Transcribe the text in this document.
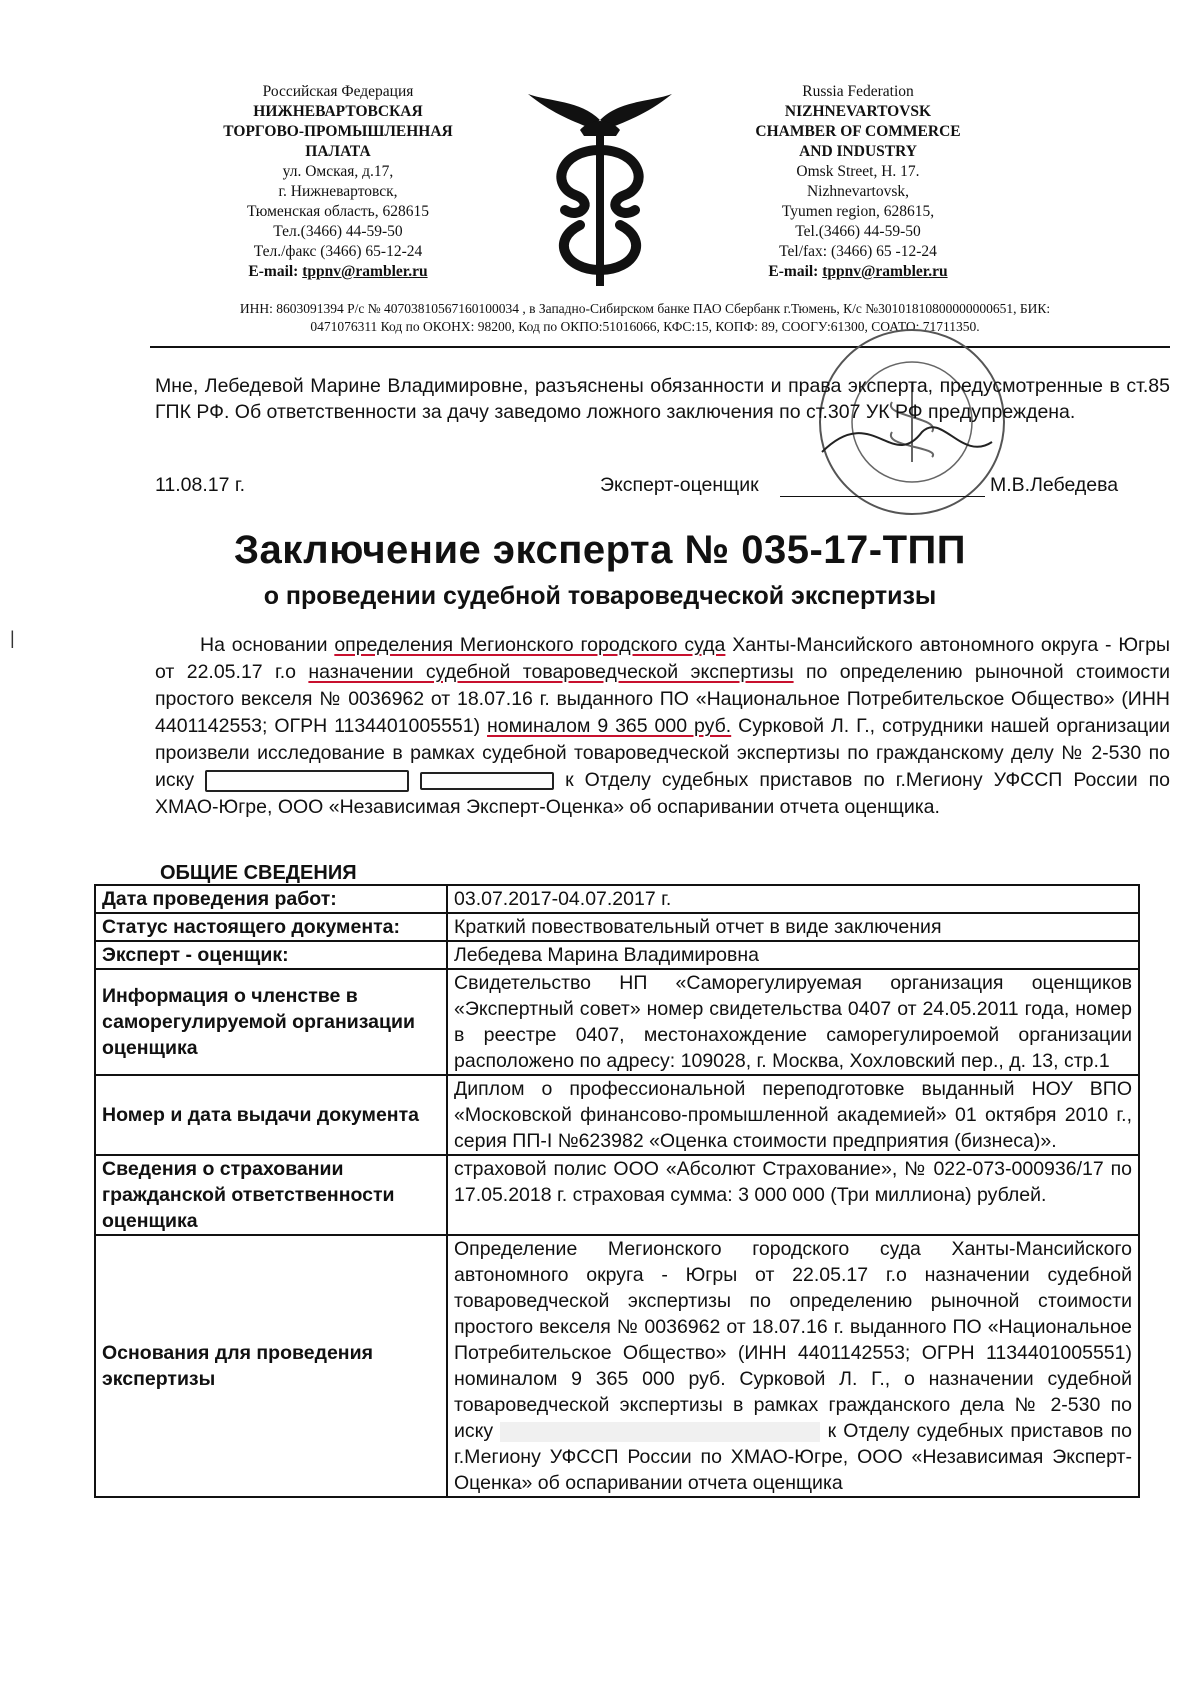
Российская Федерация
НИЖНЕВАРТОВСКАЯ
ТОРГОВО-ПРОМЫШЛЕННАЯ
ПАЛАТА
ул. Омская, д.17,
г. Нижневартовск,
Тюменская область, 628615
Тел.(3466) 44-59-50
Тел./факс (3466) 65-12-24
E-mail: tppnv@rambler.ru
Russia Federation
NIZHNEVARTOVSK
CHAMBER OF COMMERCE
AND INDUSTRY
Omsk Street, H. 17.
Nizhnevartovsk,
Tyumen region, 628615,
Tel.(3466) 44-59-50
Tel/fax: (3466) 65 -12-24
E-mail: tppnv@rambler.ru
ИНН: 8603091394 Р/с № 40703810567160100034 , в Западно-Сибирском банке ПАО Сбербанк г.Тюмень, К/с №30101810800000000651, БИК:
0471076311 Код по ОКОНХ: 98200, Код по ОКПО:51016066, КФС:15, КОПФ: 89, СООГУ:61300, СОАТО: 71711350.
Мне, Лебедевой Марине Владимировне, разъяснены обязанности и права эксперта, предусмотренные в ст.85 ГПК РФ. Об ответственности за дачу заведомо ложного заключения по ст.307 УК РФ предупреждена.
11.08.17 г.	Эксперт-оценщик	М.В.Лебедева
Заключение эксперта № 035-17-ТПП
о проведении судебной товароведческой экспертизы
На основании определения Мегионского городского суда Ханты-Мансийского автономного округа - Югры от 22.05.17 г.о назначении судебной товароведческой экспертизы по определению рыночной стоимости простого векселя № 0036962 от 18.07.16 г. выданного ПО «Национальное Потребительское Общество» (ИНН 4401142553; ОГРН 1134401005551) номиналом 9 365 000 руб. Сурковой Л. Г., сотрудники нашей организации произвели исследование в рамках судебной товароведческой экспертизы по гражданскому делу № 2-530 по иску	к Отделу судебных приставов по г.Мегиону УФССП России по ХМАО-Югре, ООО «Независимая Эксперт-Оценка» об оспаривании отчета оценщика.
ОБЩИЕ СВЕДЕНИЯ
Дата проведения работ:	03.07.2017-04.07.2017 г.
Статус настоящего документа:	Краткий повествовательный отчет в виде заключения
Эксперт - оценщик:	Лебедева Марина Владимировна
Информация о членстве в саморегулируемой организации оценщика	Свидетельство НП «Саморегулируемая организация оценщиков «Экспертный совет» номер свидетельства 0407 от 24.05.2011 года, номер в реестре 0407, местонахождение саморегулироемой организации расположено по адресу: 109028, г. Москва, Хохловский пер., д. 13, стр.1
Номер и дата выдачи документа	Диплом о профессиональной переподготовке выданный НОУ ВПО «Московской финансово-промышленной академией» 01 октября 2010 г., серия ПП-I №623982 «Оценка стоимости предприятия (бизнеса)».
Сведения о страховании гражданской ответственности оценщика	страховой полис ООО «Абсолют Страхование», № 022-073-000936/17 по 17.05.2018 г. страховая сумма: 3 000 000 (Три миллиона) рублей.
Основания для проведения экспертизы	Определение Мегионского городского суда Ханты-Мансийского автономного округа - Югры от 22.05.17 г.о назначении судебной товароведческой экспертизы по определению рыночной стоимости простого векселя № 0036962 от 18.07.16 г. выданного ПО «Национальное Потребительское Общество» (ИНН 4401142553; ОГРН 1134401005551) номиналом 9 365 000 руб. Сурковой Л. Г., о назначении судебной товароведческой экспертизы в рамках гражданского дела № 2-530 по иску к Отделу судебных приставов по г.Мегиону УФССП России по ХМАО-Югре, ООО «Независимая Эксперт-Оценка» об оспаривании отчета оценщика
|
